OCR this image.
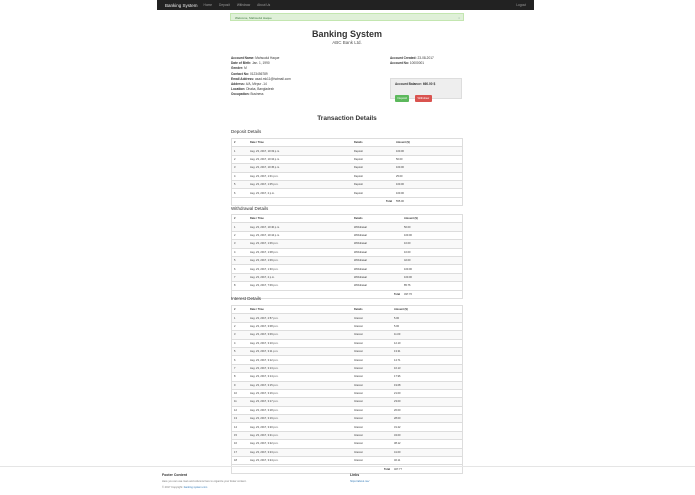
Banking System Home Deposit Withdraw About Us	Logout
Welcome, Mahsudul Haque	×
Banking System
ABC Bank Ltd.
Account Name: Mahsudul Haque
Date of Birth: Jan. 1, 1990
Gender: M
Contact No: 0123456789
Email Address: asad.mk11@hotmail.com
Address: 4/A, Mirpur -14
Location: Dhaka, Bangladesh
Occupation: Business
Account Created: 23-08-2017
Account No: 10000001
Account Balance: 660.00 $
Deposit	Withdraw
Transaction Details
Deposit Details
#	Date / Time	Details	Amount ($)
1	Aug. 23, 2017, 10:33 p.m.	Deposit	100.00
2	Aug. 23, 2017, 10:34 p.m.	Deposit	50.00
3	Aug. 23, 2017, 10:45 p.m.	Deposit	100.00
4	Aug. 23, 2017, 1:01 p.m.	Deposit	25.00
5	Aug. 23, 2017, 1:05 p.m.	Deposit	100.00
6	Aug. 23, 2017, 2 p.m.	Deposit	100.00
		Total	555.00
Withdrawal Details
#	Date / Time	Details	Amount ($)
1	Aug. 23, 2017, 10:40 p.m.	Withdrawal	50.00
2	Aug. 23, 2017, 10:44 p.m.	Withdrawal	100.00
3	Aug. 23, 2017, 1:06 p.m.	Withdrawal	10.00
4	Aug. 23, 2017, 1:08 p.m.	Withdrawal	10.00
5	Aug. 23, 2017, 1:09 p.m.	Withdrawal	42.00
6	Aug. 23, 2017, 1:30 p.m.	Withdrawal	100.00
7	Aug. 23, 2017, 2 p.m.	Withdrawal	100.00
8	Aug. 23, 2017, 7:09 p.m.	Withdrawal	85.76
		Total	497.76
Interest Details
#	Date / Time	Details	Amount ($)
1	Aug. 23, 2017, 2:57 p.m.	Interest	5.00
2	Aug. 23, 2017, 3:08 p.m.	Interest	5.00
3	Aug. 23, 2017, 3:09 p.m.	Interest	11.00
4	Aug. 23, 2017, 3:10 p.m.	Interest	12.10
5	Aug. 23, 2017, 3:11 p.m.	Interest	13.31
6	Aug. 23, 2017, 3:12 p.m.	Interest	14.71
7	Aug. 23, 2017, 3:13 p.m.	Interest	16.13
8	Aug. 23, 2017, 3:14 p.m.	Interest	17.96
9	Aug. 23, 2017, 3:15 p.m.	Interest	19.08
10	Aug. 23, 2017, 3:16 p.m.	Interest	21.00
11	Aug. 23, 2017, 3:17 p.m.	Interest	23.00
12	Aug. 23, 2017, 3:18 p.m.	Interest	26.00
13	Aug. 23, 2017, 3:19 p.m.	Interest	28.00
14	Aug. 23, 2017, 3:20 p.m.	Interest	31.22
15	Aug. 23, 2017, 3:21 p.m.	Interest	34.00
16	Aug. 23, 2017, 3:22 p.m.	Interest	38.12
17	Aug. 23, 2017, 3:23 p.m.	Interest	41.00
18	Aug. 23, 2017, 3:24 p.m.	Interest	46.11
		Total	407.77
Footer Content
Here you can use rows and columns here to organize your footer content.
© 2017 Copyright: banking system.com
Links
https://about.me/
